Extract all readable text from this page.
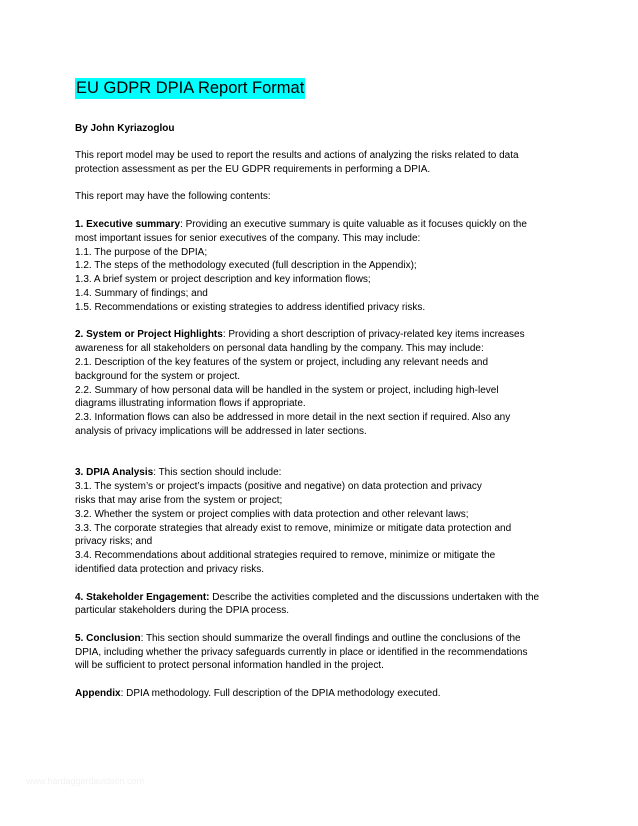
EU GDPR DPIA Report Format
By John Kyriazoglou
This report model may be used to report the results and actions of analyzing the risks related to data
protection assessment as per the EU GDPR requirements in performing a DPIA.
This report may have the following contents:
1. Executive summary: Providing an executive summary is quite valuable as it focuses quickly on the
most important issues for senior executives of the company. This may include:
1.1. The purpose of the DPIA;
1.2. The steps of the methodology executed (full description in the Appendix);
1.3. A brief system or project description and key information flows;
1.4. Summary of findings; and
1.5. Recommendations or existing strategies to address identified privacy risks.
2. System or Project Highlights: Providing a short description of privacy-related key items increases
awareness for all stakeholders on personal data handling by the company. This may include:
2.1. Description of the key features of the system or project, including any relevant needs and
background for the system or project.
2.2. Summary of how personal data will be handled in the system or project, including high-level
diagrams illustrating information flows if appropriate.
2.3. Information flows can also be addressed in more detail in the next section if required. Also any
analysis of privacy implications will be addressed in later sections.
3. DPIA Analysis: This section should include:
3.1. The system’s or project’s impacts (positive and negative) on data protection and privacy
risks that may arise from the system or project;
3.2. Whether the system or project complies with data protection and other relevant laws;
3.3. The corporate strategies that already exist to remove, minimize or mitigate data protection and
privacy risks; and
3.4. Recommendations about additional strategies required to remove, minimize or mitigate the
identified data protection and privacy risks.
4. Stakeholder Engagement: Describe the activities completed and the discussions undertaken with the
particular stakeholders during the DPIA process.
5. Conclusion: This section should summarize the overall findings and outline the conclusions of the
DPIA, including whether the privacy safeguards currently in place or identified in the recommendations
will be sufficient to protect personal information handled in the project.
Appendix: DPIA methodology. Full description of the DPIA methodology executed.
www.hardaggerdavidson.com
